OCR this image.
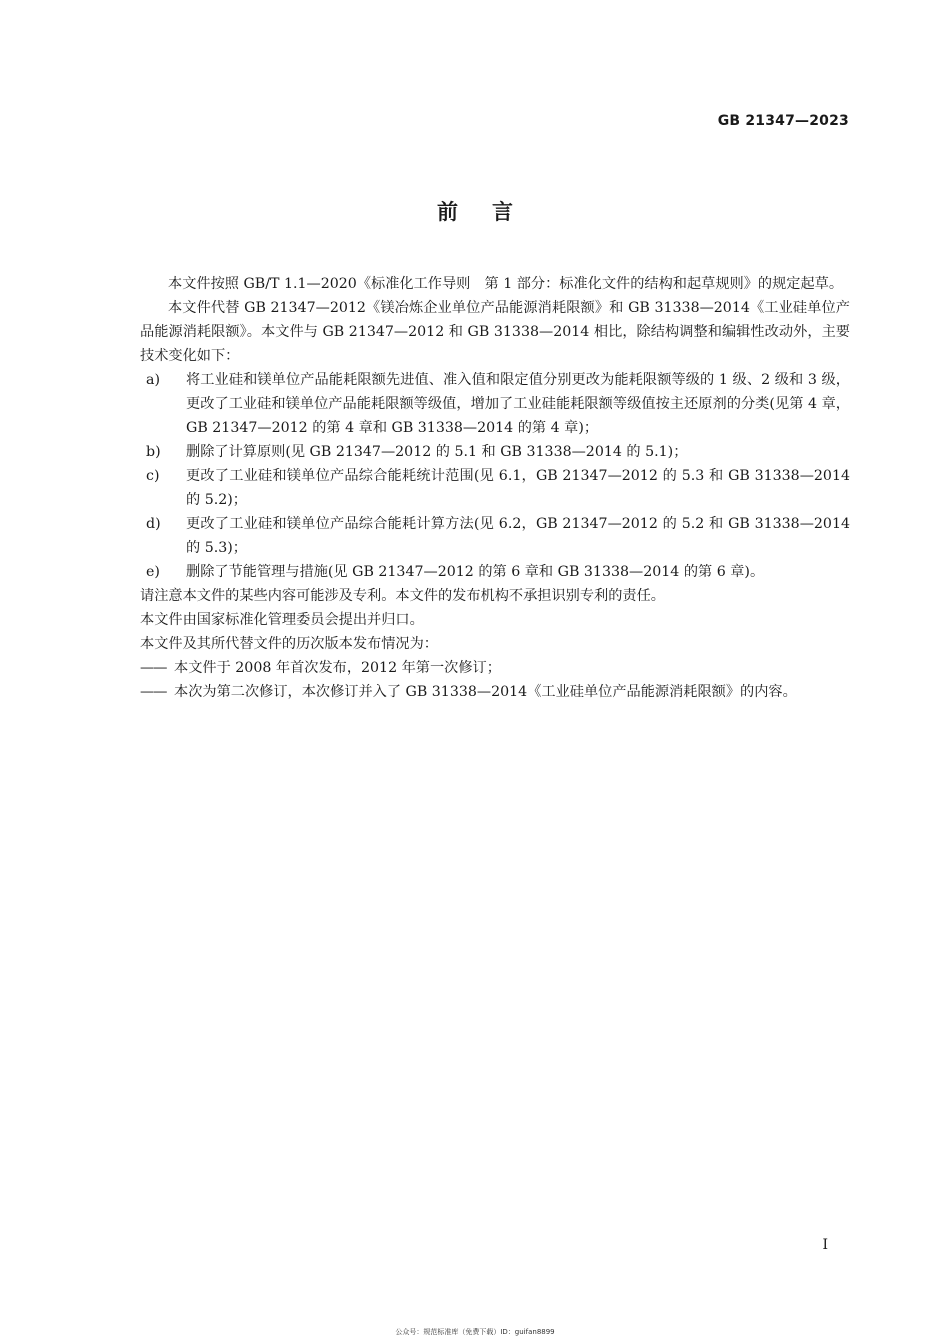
GB 21347—2023
前言

本文件按照 GB/T 1.1—2020《标准化工作导则　第 1 部分：标准化文件的结构和起草规则》的规定起草。

本文件代替 GB 21347—2012《镁冶炼企业单位产品能源消耗限额》和 GB 31338—2014《工业硅单位产品能源消耗限额》。本文件与 GB 21347—2012 和 GB 31338—2014 相比，除结构调整和编辑性改动外，主要技术变化如下：

a) 将工业硅和镁单位产品能耗限额先进值、准入值和限定值分别更改为能耗限额等级的 1 级、2 级和 3 级，更改了工业硅和镁单位产品能耗限额等级值，增加了工业硅能耗限额等级值按主还原剂的分类(见第 4 章，GB 21347—2012 的第 4 章和 GB 31338—2014 的第 4 章)；
b) 删除了计算原则(见 GB 21347—2012 的 5.1 和 GB 31338—2014 的 5.1)；
c) 更改了工业硅和镁单位产品综合能耗统计范围(见 6.1，GB 21347—2012 的 5.3 和 GB 31338—2014 的 5.2)；
d) 更改了工业硅和镁单位产品综合能耗计算方法(见 6.2，GB 21347—2012 的 5.2 和 GB 31338—2014 的 5.3)；
e) 删除了节能管理与措施(见 GB 21347—2012 的第 6 章和 GB 31338—2014 的第 6 章)。

请注意本文件的某些内容可能涉及专利。本文件的发布机构不承担识别专利的责任。

本文件由国家标准化管理委员会提出并归口。

本文件及其所代替文件的历次版本发布情况为：

—— 本文件于 2008 年首次发布，2012 年第一次修订；
—— 本次为第二次修订，本次修订并入了 GB 31338—2014《工业硅单位产品能源消耗限额》的内容。
I
公众号：规范标准库（免费下载）ID：guifan8899
